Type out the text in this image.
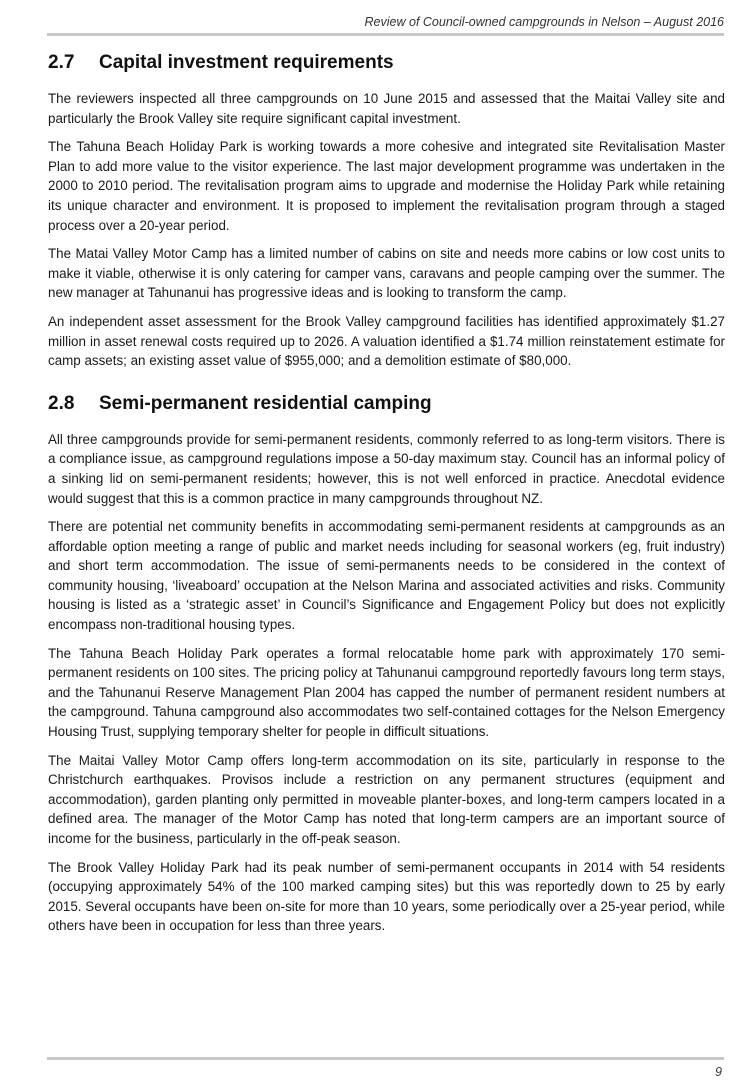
Review of Council-owned campgrounds in Nelson – August 2016
2.7	Capital investment requirements

The reviewers inspected all three campgrounds on 10 June 2015 and assessed that the Maitai Valley site and particularly the Brook Valley site require significant capital investment.

The Tahuna Beach Holiday Park is working towards a more cohesive and integrated site Revitalisation Master Plan to add more value to the visitor experience. The last major development programme was undertaken in the 2000 to 2010 period. The revitalisation program aims to upgrade and modernise the Holiday Park while retaining its unique character and environment. It is proposed to implement the revitalisation program through a staged process over a 20-year period.

The Matai Valley Motor Camp has a limited number of cabins on site and needs more cabins or low cost units to make it viable, otherwise it is only catering for camper vans, caravans and people camping over the summer. The new manager at Tahunanui has progressive ideas and is looking to transform the camp.

An independent asset assessment for the Brook Valley campground facilities has identified approximately $1.27 million in asset renewal costs required up to 2026. A valuation identified a $1.74 million reinstatement estimate for camp assets; an existing asset value of $955,000; and a demolition estimate of $80,000.

2.8	Semi-permanent residential camping

All three campgrounds provide for semi-permanent residents, commonly referred to as long-term visitors. There is a compliance issue, as campground regulations impose a 50-day maximum stay. Council has an informal policy of a sinking lid on semi-permanent residents; however, this is not well enforced in practice. Anecdotal evidence would suggest that this is a common practice in many campgrounds throughout NZ.

There are potential net community benefits in accommodating semi-permanent residents at campgrounds as an affordable option meeting a range of public and market needs including for seasonal workers (eg, fruit industry) and short term accommodation. The issue of semi-permanents needs to be considered in the context of community housing, ‘liveaboard’ occupation at the Nelson Marina and associated activities and risks. Community housing is listed as a ‘strategic asset’ in Council’s Significance and Engagement Policy but does not explicitly encompass non-traditional housing types.

The Tahuna Beach Holiday Park operates a formal relocatable home park with approximately 170 semi-permanent residents on 100 sites. The pricing policy at Tahunanui campground reportedly favours long term stays, and the Tahunanui Reserve Management Plan 2004 has capped the number of permanent resident numbers at the campground. Tahuna campground also accommodates two self-contained cottages for the Nelson Emergency Housing Trust, supplying temporary shelter for people in difficult situations.

The Maitai Valley Motor Camp offers long-term accommodation on its site, particularly in response to the Christchurch earthquakes. Provisos include a restriction on any permanent structures (equipment and accommodation), garden planting only permitted in moveable planter-boxes, and long-term campers located in a defined area. The manager of the Motor Camp has noted that long-term campers are an important source of income for the business, particularly in the off-peak season.

The Brook Valley Holiday Park had its peak number of semi-permanent occupants in 2014 with 54 residents (occupying approximately 54% of the 100 marked camping sites) but this was reportedly down to 25 by early 2015. Several occupants have been on-site for more than 10 years, some periodically over a 25-year period, while others have been in occupation for less than three years.

9
